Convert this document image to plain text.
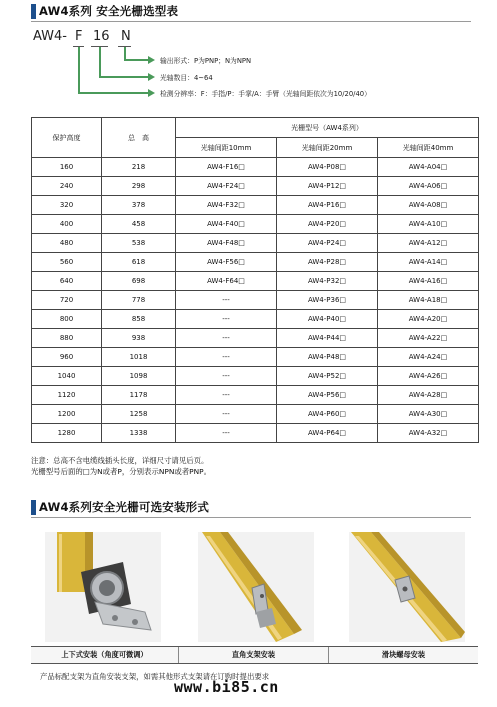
AW4系列 安全光栅选型表
AW4- F 16 N
输出形式：P为PNP；N为NPN
光轴数目：4~64
检测分辨率：F：手指/P：手掌/A：手臂（光轴间距依次为10/20/40）
保护高度	总　高	光栅型号（AW4系列）		
		光轴间距10mm	光轴间距20mm	光轴间距40mm
160	218	AW4-F16□	AW4-P08□	AW4-A04□
240	298	AW4-F24□	AW4-P12□	AW4-A06□
320	378	AW4-F32□	AW4-P16□	AW4-A08□
400	458	AW4-F40□	AW4-P20□	AW4-A10□
480	538	AW4-F48□	AW4-P24□	AW4-A12□
560	618	AW4-F56□	AW4-P28□	AW4-A14□
640	698	AW4-F64□	AW4-P32□	AW4-A16□
720	778	---	AW4-P36□	AW4-A18□
800	858	---	AW4-P40□	AW4-A20□
880	938	---	AW4-P44□	AW4-A22□
960	1018	---	AW4-P48□	AW4-A24□
1040	1098	---	AW4-P52□	AW4-A26□
1120	1178	---	AW4-P56□	AW4-A28□
1200	1258	---	AW4-P60□	AW4-A30□
1280	1338	---	AW4-P64□	AW4-A32□
注意：总高不含电缆线插头长度，详细尺寸请见后页。
光栅型号后面的□为N或者P，分别表示NPN或者PNP。
AW4系列安全光栅可选安装形式
上下式安装（角度可微调）	直角支架安装	滑块螺母安装
产品标配支架为直角安装支架，如需其他形式支架请在订购时提出要求
www.bi85.cn
